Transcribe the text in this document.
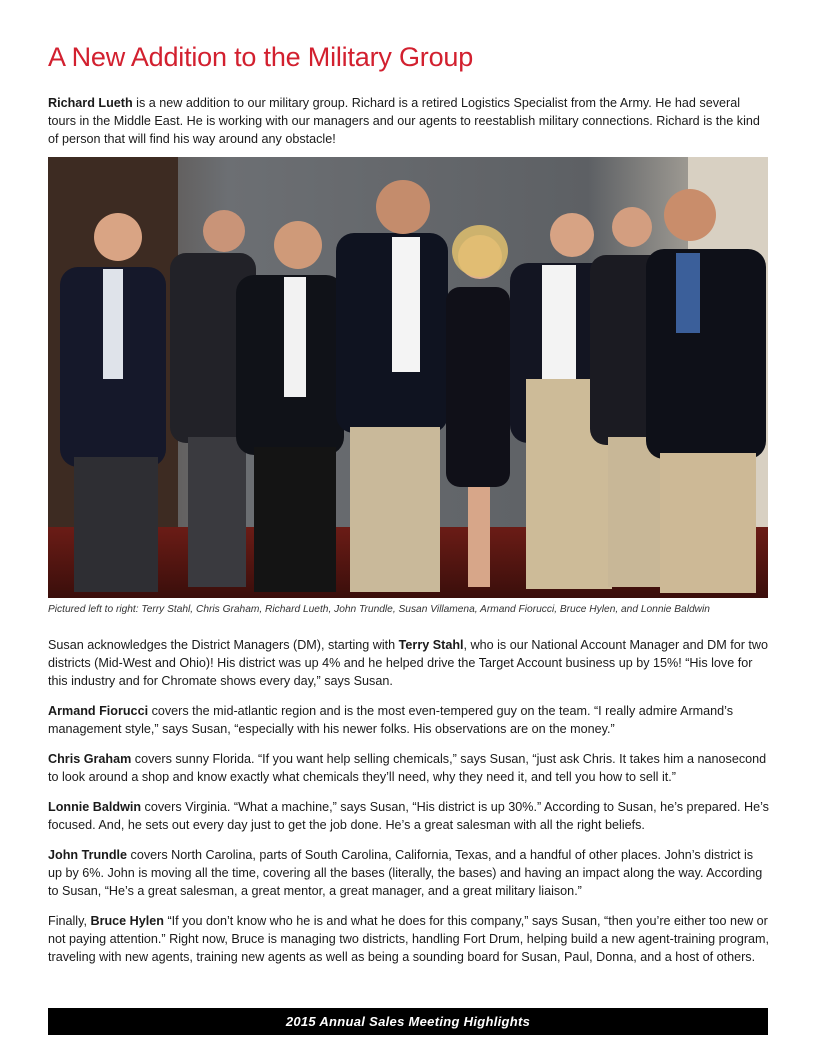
A New Addition to the Military Group

Richard Lueth is a new addition to our military group. Richard is a retired Logistics Specialist from the Army. He had several tours in the Middle East. He is working with our managers and our agents to reestablish military connections. Richard is the kind of person that will find his way around any obstacle!

Pictured left to right: Terry Stahl, Chris Graham, Richard Lueth, John Trundle, Susan Villamena, Armand Fiorucci, Bruce Hylen, and Lonnie Baldwin

Susan acknowledges the District Managers (DM), starting with Terry Stahl, who is our National Account Manager and DM for two districts (Mid-West and Ohio)! His district was up 4% and he helped drive the Target Account business up by 15%! “His love for this industry and for Chromate shows every day,” says Susan.

Armand Fiorucci covers the mid-atlantic region and is the most even-tempered guy on the team. “I really admire Armand’s management style,” says Susan, “especially with his newer folks. His observations are on the money.”

Chris Graham covers sunny Florida. “If you want help selling chemicals,” says Susan, “just ask Chris. It takes him a nanosecond to look around a shop and know exactly what chemicals they’ll need, why they need it, and tell you how to sell it.”

Lonnie Baldwin covers Virginia. “What a machine,” says Susan, “His district is up 30%.” According to Susan, he’s prepared. He’s focused. And, he sets out every day just to get the job done. He’s a great salesman with all the right beliefs.

John Trundle covers North Carolina, parts of South Carolina, California, Texas, and a handful of other places. John’s district is up by 6%. John is moving all the time, covering all the bases (literally, the bases) and having an impact along the way. According to Susan, “He’s a great salesman, a great mentor, a great manager, and a great military liaison.”

Finally, Bruce Hylen “If you don’t know who he is and what he does for this company,” says Susan, “then you’re either too new or not paying attention.” Right now, Bruce is managing two districts, handling Fort Drum, helping build a new agent-training program, traveling with new agents, training new agents as well as being a sounding board for Susan, Paul, Donna, and a host of others.

2015 Annual Sales Meeting Highlights
